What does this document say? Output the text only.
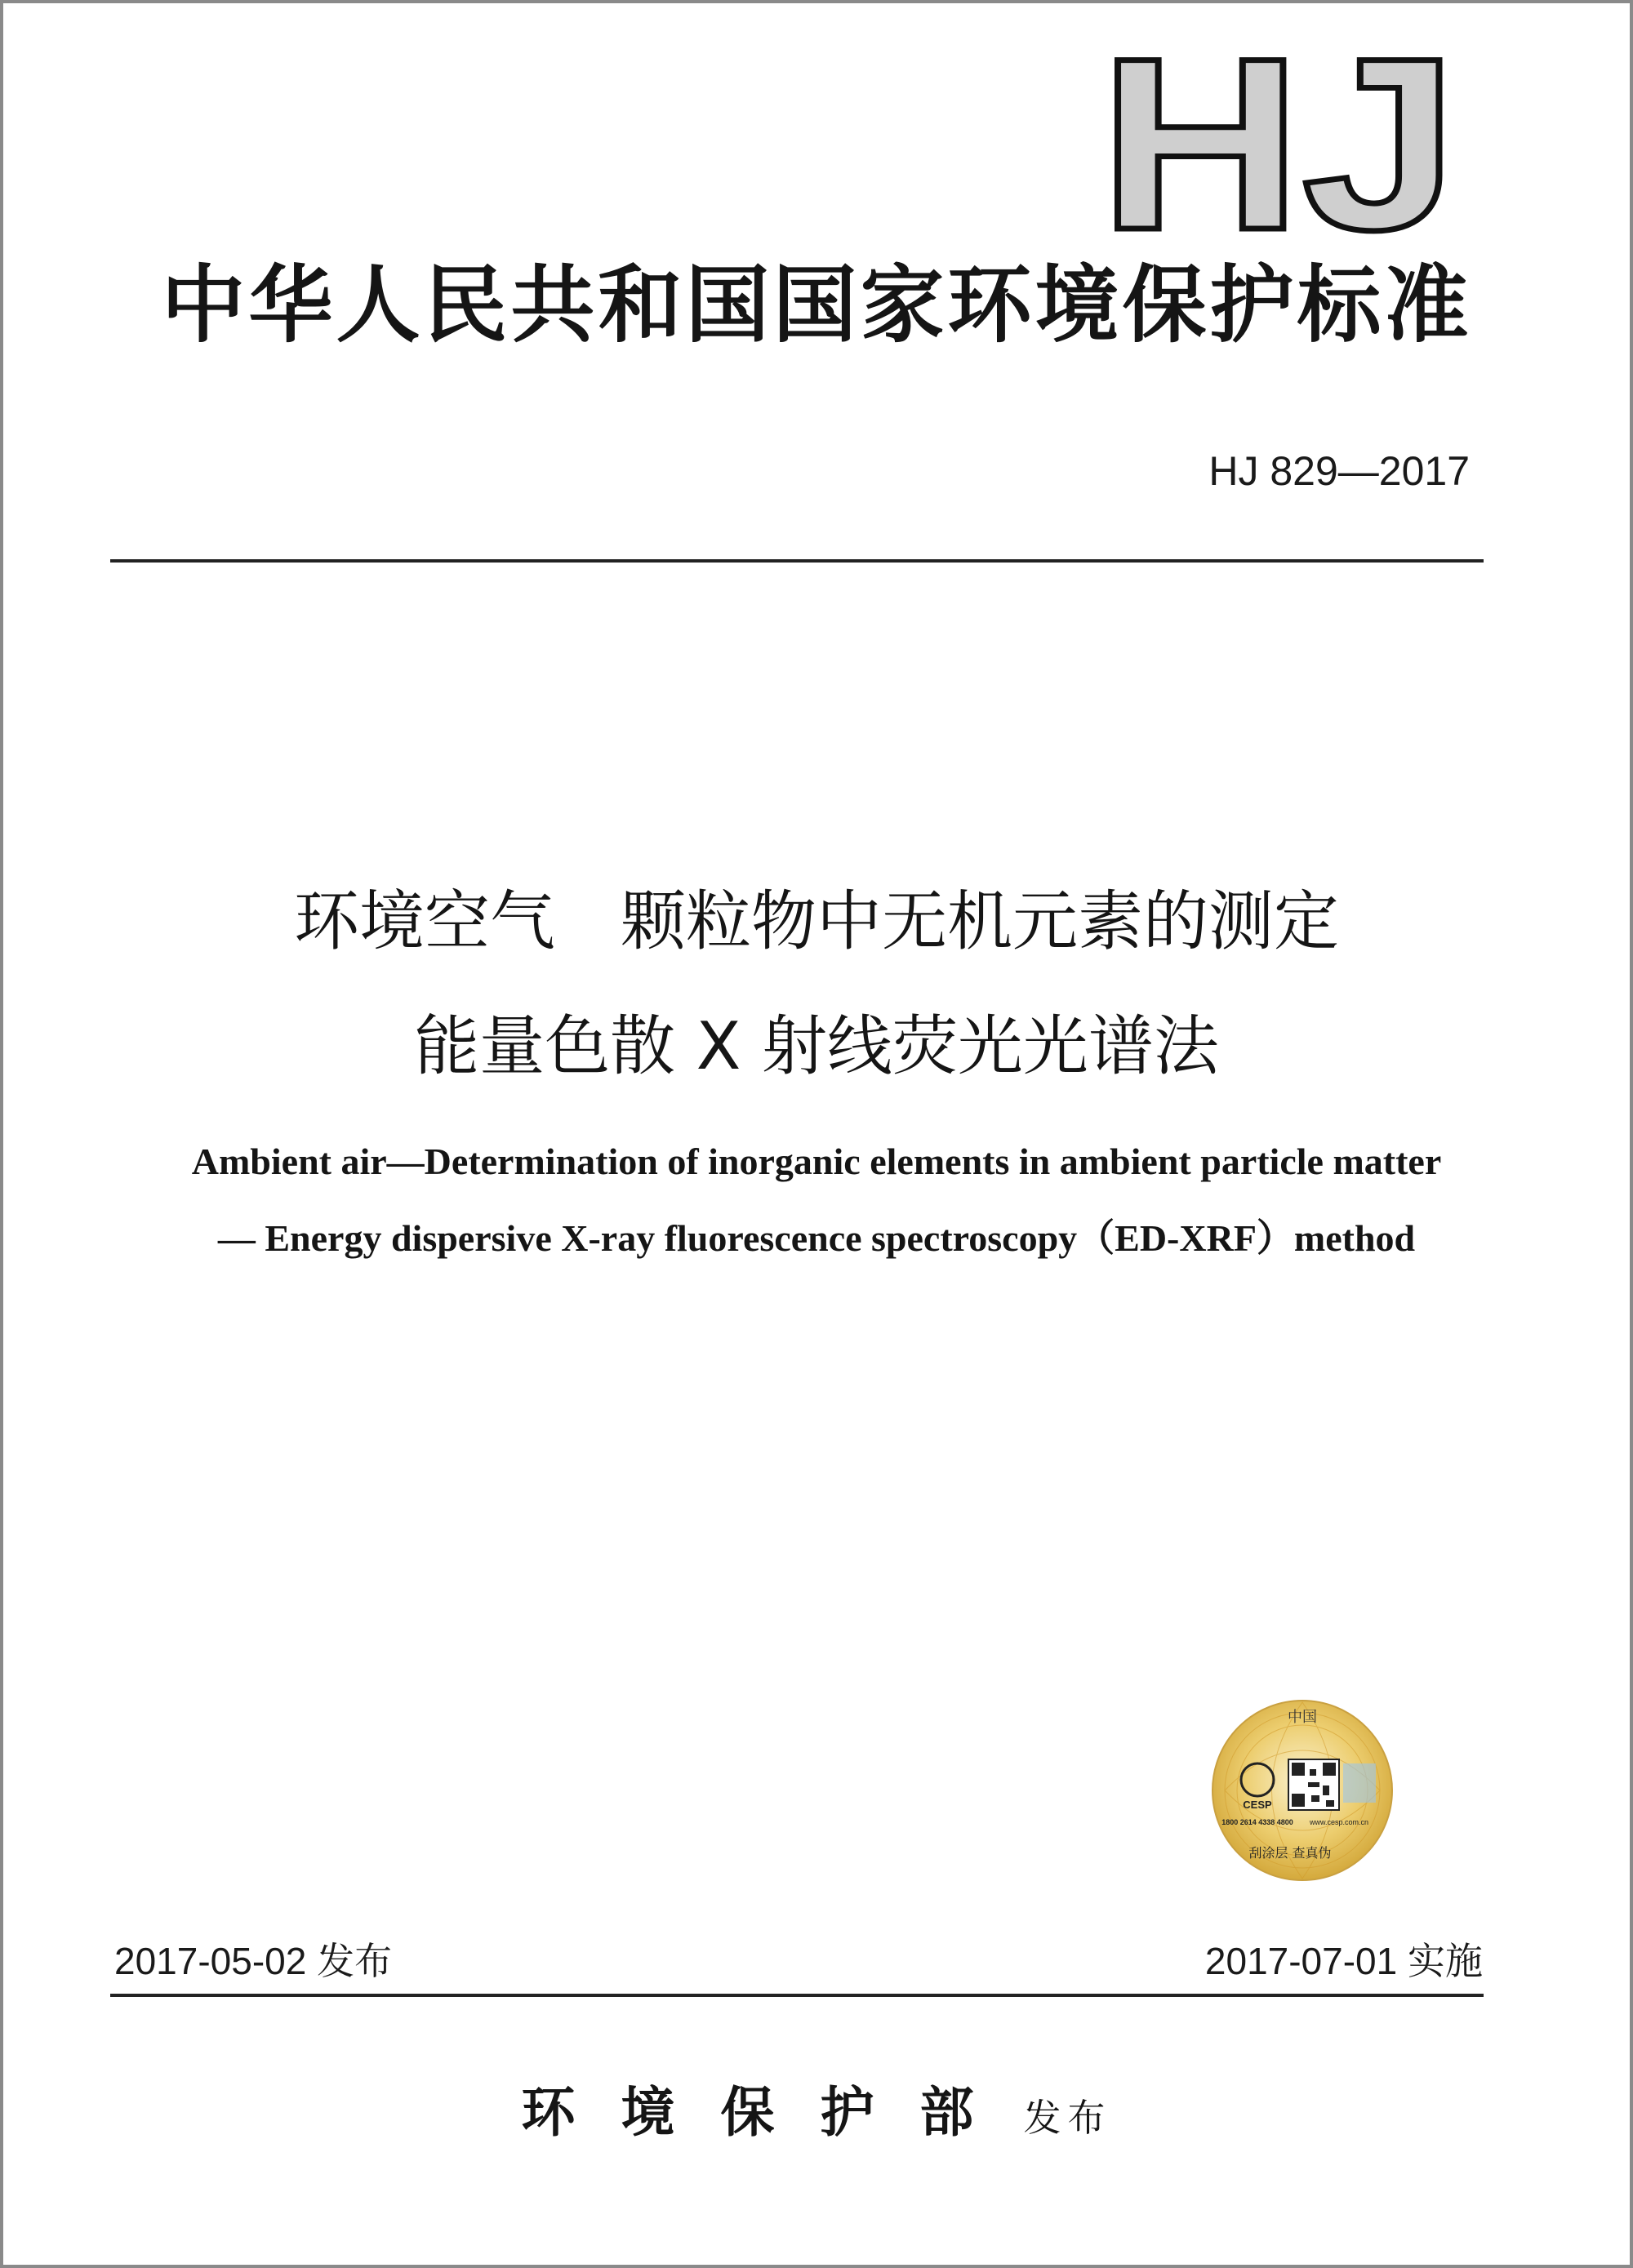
HJ
中华人民共和国国家环境保护标准
HJ 829—2017
环境空气　颗粒物中无机元素的测定
能量色散 X 射线荧光光谱法
Ambient air—Determination of inorganic elements in ambient particle matter
— Energy dispersive X-ray fluorescence spectroscopy（ED-XRF）method
中国
CESP
1800 2614 4338 4800 www.cesp.com.cn
刮涂层 查真伪
2017-05-02 发布	2017-07-01 实施
环境保护部 发布
